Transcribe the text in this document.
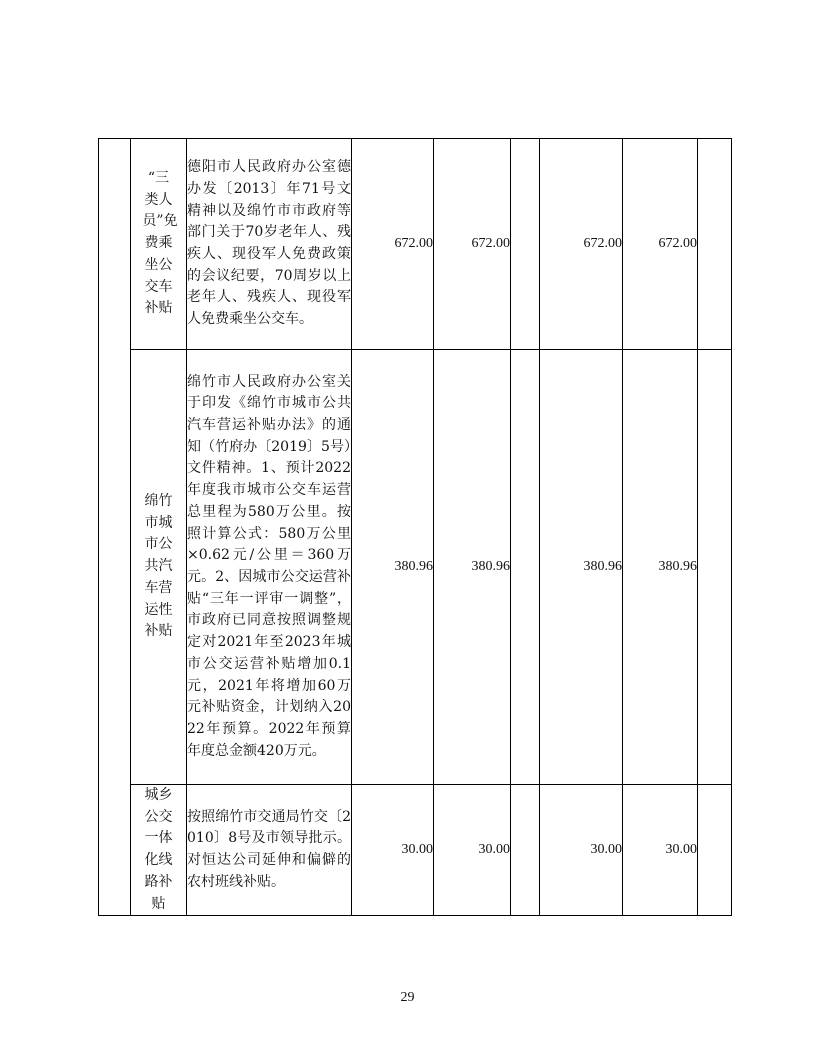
	“三类人员”免费乘坐公交车补贴	德阳市人民政府办公室德办发〔2013〕年71号文精神以及绵竹市市政府等部门关于70岁老年人、残疾人、现役军人免费政策的会议纪要，70周岁以上老年人、残疾人、现役军人免费乘坐公交车。	672.00	672.00		672.00	672.00	

	绵竹市城市公共汽车营运性补贴	绵竹市人民政府办公室关于印发《绵竹市城市公共汽车营运补贴办法》的通知（竹府办〔2019〕5号）文件精神。1、预计2022年度我市城市公交车运营总里程为580万公里。按照计算公式：580万公里×0.62元/公里＝360万元。2、因城市公交运营补贴“三年一评审一调整”，市政府已同意按照调整规定对2021年至2023年城市公交运营补贴增加0.1元，2021年将增加60万元补贴资金，计划纳入2022年预算。2022年预算年度总金额420万元。	380.96	380.96		380.96	380.96	

	城乡公交一体化线路补贴	按照绵竹市交通局竹交〔2010〕8号及市领导批示。对恒达公司延伸和偏僻的农村班线补贴。	30.00	30.00		30.00	30.00	
29
